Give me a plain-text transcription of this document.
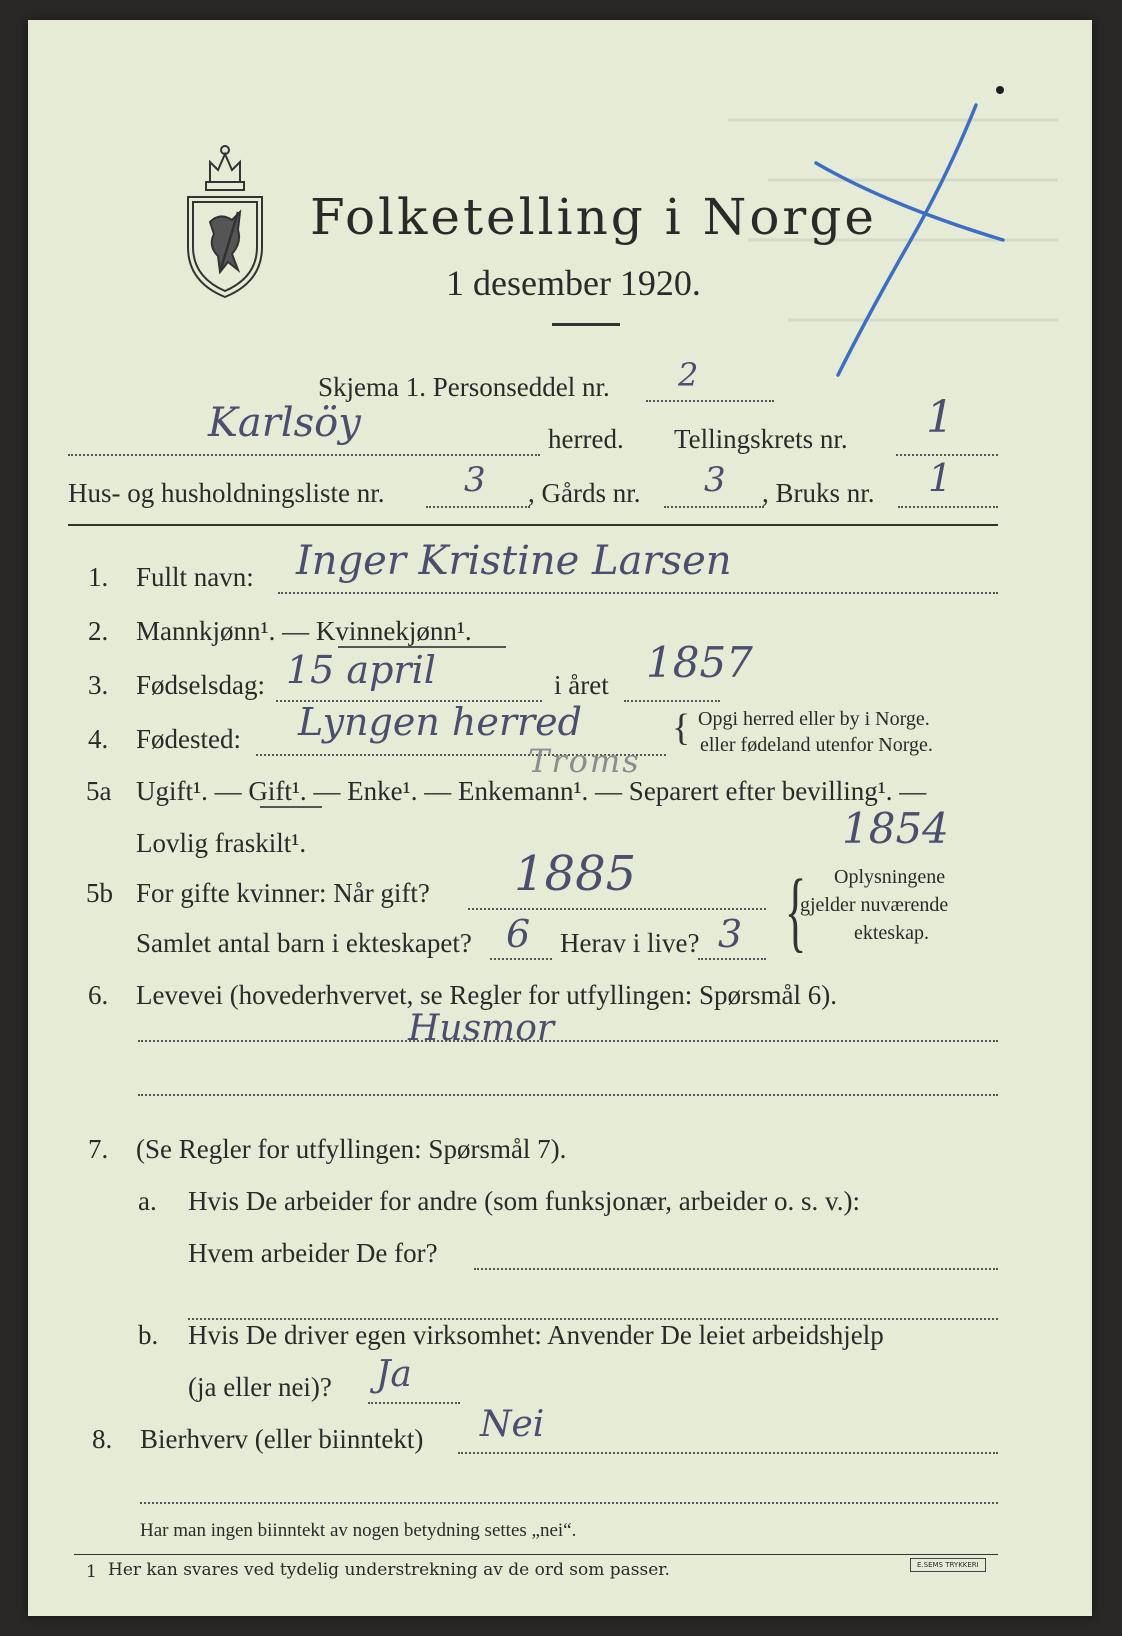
Folketelling i Norge
1 desember 1920.
Skjema 1. Personseddel nr. 2
Karlsöy	herred. Tellingskrets nr. 1
Hus- og husholdningsliste nr. 3 , Gårds nr. 3 , Bruks nr. 1
1. Fullt navn: Inger Kristine Larsen
2. Mannkjønn¹. — Kvinnekjønn¹.
3. Fødselsdag: 15 april	i året 1857
4. Fødested: Lyngen herred
Troms
{ Opgi herred eller by i Norge.
eller fødeland utenfor Norge.
5a Ugift¹. — Gift¹. — Enke¹. — Enkemann¹. — Separert efter bevilling¹. —
Lovlig fraskilt¹.	1854
5b For gifte kvinner: Når gift? 1885
Samlet antal barn i ekteskapet? 6 Herav i live? 3 { Oplysningene
gjelder nuværende
ekteskap.
6. Levevei (hovederhvervet, se Regler for utfyllingen: Spørsmål 6).
Husmor
7. (Se Regler for utfyllingen: Spørsmål 7).
a. Hvis De arbeider for andre (som funksjonær, arbeider o. s. v.):
Hvem arbeider De for?
b. Hvis De driver egen virksomhet: Anvender De leiet arbeidshjelp
(ja eller nei)? Ja
8. Bierhverv (eller biinntekt) Nei
Har man ingen biinntekt av nogen betydning settes „nei“.
1 Her kan svares ved tydelig understrekning av de ord som passer.	E.SEMS TRYKKERI
